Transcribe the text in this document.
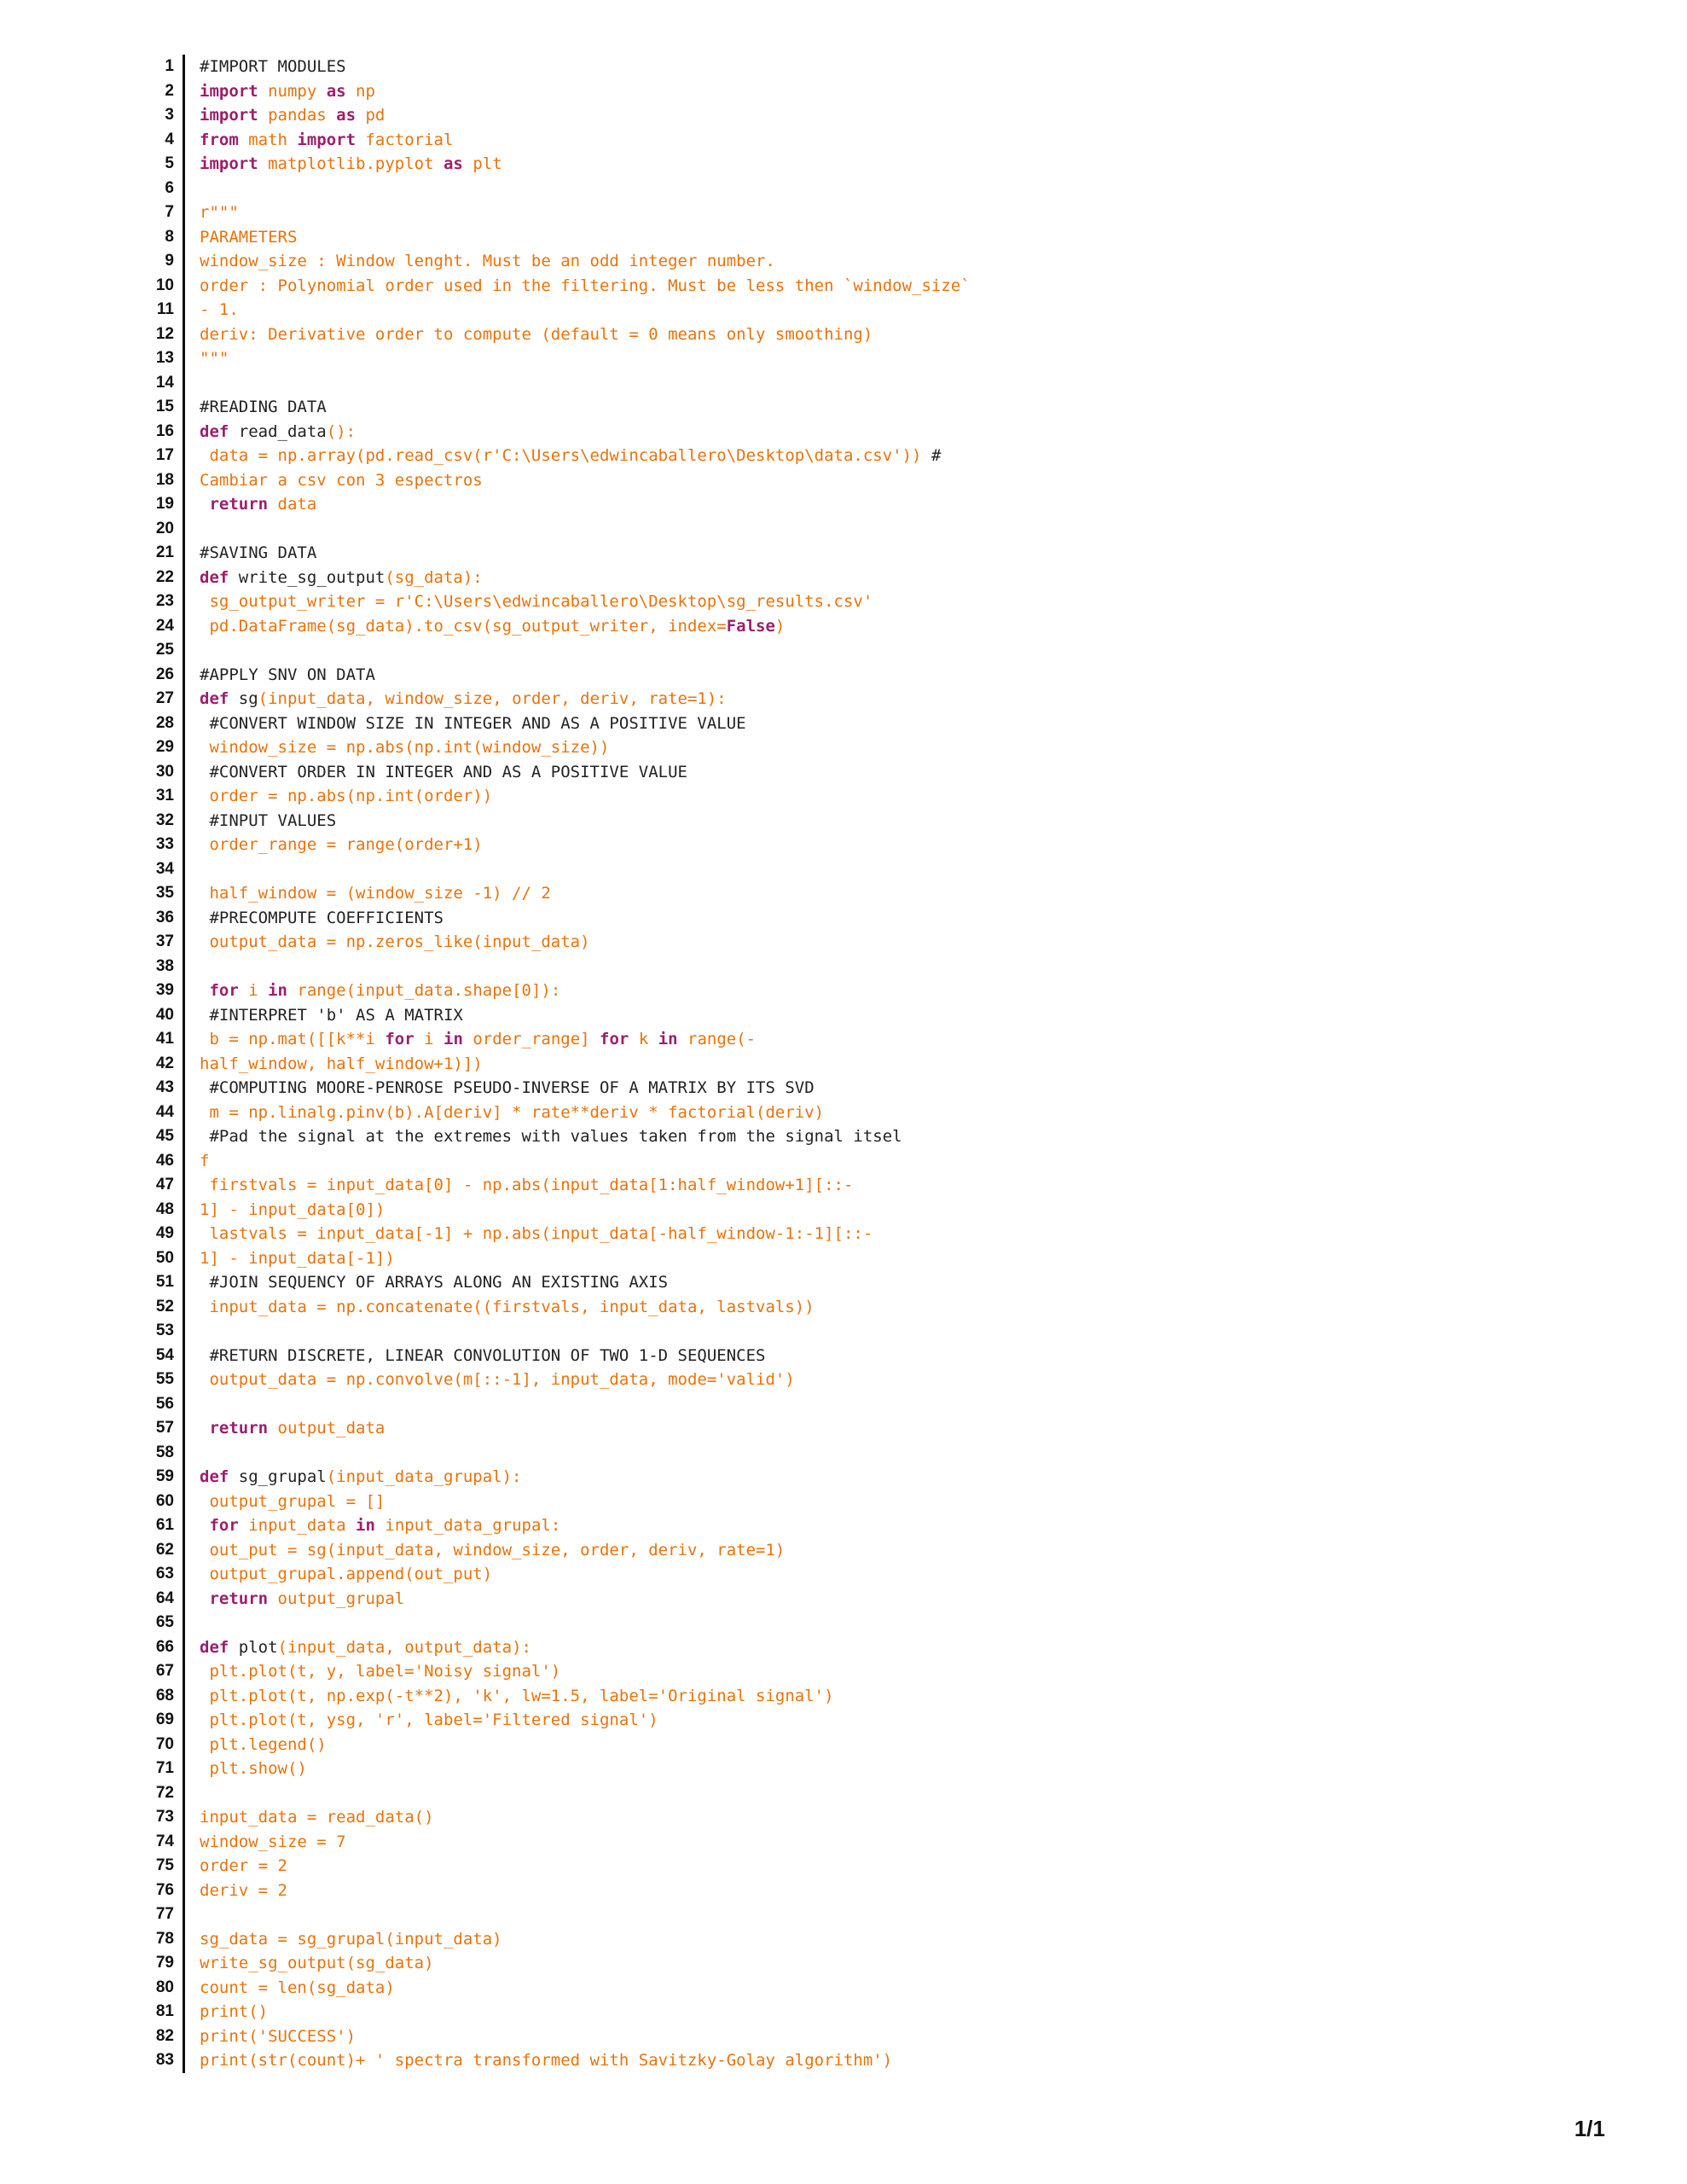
1	#IMPORT MODULES
2	import numpy as np
3	import pandas as pd
4	from math import factorial
5	import matplotlib.pyplot as plt
6
7	r"""
8	PARAMETERS
9	window_size : Window lenght. Must be an odd integer number.
10	order : Polynomial order used in the filtering. Must be less then `window_size`
11	- 1.
12	deriv: Derivative order to compute (default = 0 means only smoothing)
13	"""
14
15	#READING DATA
16	def read_data():
17	data = np.array(pd.read_csv(r'C:\Users\edwincaballero\Desktop\data.csv')) #
18	Cambiar a csv con 3 espectros
19	return data
20
21	#SAVING DATA
22	def write_sg_output(sg_data):
23	sg_output_writer = r'C:\Users\edwincaballero\Desktop\sg_results.csv'
24	pd.DataFrame(sg_data).to_csv(sg_output_writer, index=False)
25
26	#APPLY SNV ON DATA
27	def sg(input_data, window_size, order, deriv, rate=1):
28	#CONVERT WINDOW SIZE IN INTEGER AND AS A POSITIVE VALUE
29	window_size = np.abs(np.int(window_size))
30	#CONVERT ORDER IN INTEGER AND AS A POSITIVE VALUE
31	order = np.abs(np.int(order))
32	#INPUT VALUES
33	order_range = range(order+1)
34
35	half_window = (window_size -1) // 2
36	#PRECOMPUTE COEFFICIENTS
37	output_data = np.zeros_like(input_data)
38
39	for i in range(input_data.shape[0]):
40	#INTERPRET 'b' AS A MATRIX
41	b = np.mat([[k**i for i in order_range] for k in range(-
42	half_window, half_window+1)])
43	#COMPUTING MOORE-PENROSE PSEUDO-INVERSE OF A MATRIX BY ITS SVD
44	m = np.linalg.pinv(b).A[deriv] * rate**deriv * factorial(deriv)
45	#Pad the signal at the extremes with values taken from the signal itsel
46	f
47	firstvals = input_data[0] - np.abs(input_data[1:half_window+1][::-
48	1] - input_data[0])
49	lastvals = input_data[-1] + np.abs(input_data[-half_window-1:-1][::-
50	1] - input_data[-1])
51	#JOIN SEQUENCY OF ARRAYS ALONG AN EXISTING AXIS
52	input_data = np.concatenate((firstvals, input_data, lastvals))
53
54	#RETURN DISCRETE, LINEAR CONVOLUTION OF TWO 1-D SEQUENCES
55	output_data = np.convolve(m[::-1], input_data, mode='valid')
56
57	return output_data
58
59	def sg_grupal(input_data_grupal):
60	output_grupal = []
61	for input_data in input_data_grupal:
62	out_put = sg(input_data, window_size, order, deriv, rate=1)
63	output_grupal.append(out_put)
64	return output_grupal
65
66	def plot(input_data, output_data):
67	plt.plot(t, y, label='Noisy signal')
68	plt.plot(t, np.exp(-t**2), 'k', lw=1.5, label='Original signal')
69	plt.plot(t, ysg, 'r', label='Filtered signal')
70	plt.legend()
71	plt.show()
72
73	input_data = read_data()
74	window_size = 7
75	order = 2
76	deriv = 2
77
78	sg_data = sg_grupal(input_data)
79	write_sg_output(sg_data)
80	count = len(sg_data)
81	print()
82	print('SUCCESS')
83	print(str(count)+ ' spectra transformed with Savitzky-Golay algorithm')
1/1
